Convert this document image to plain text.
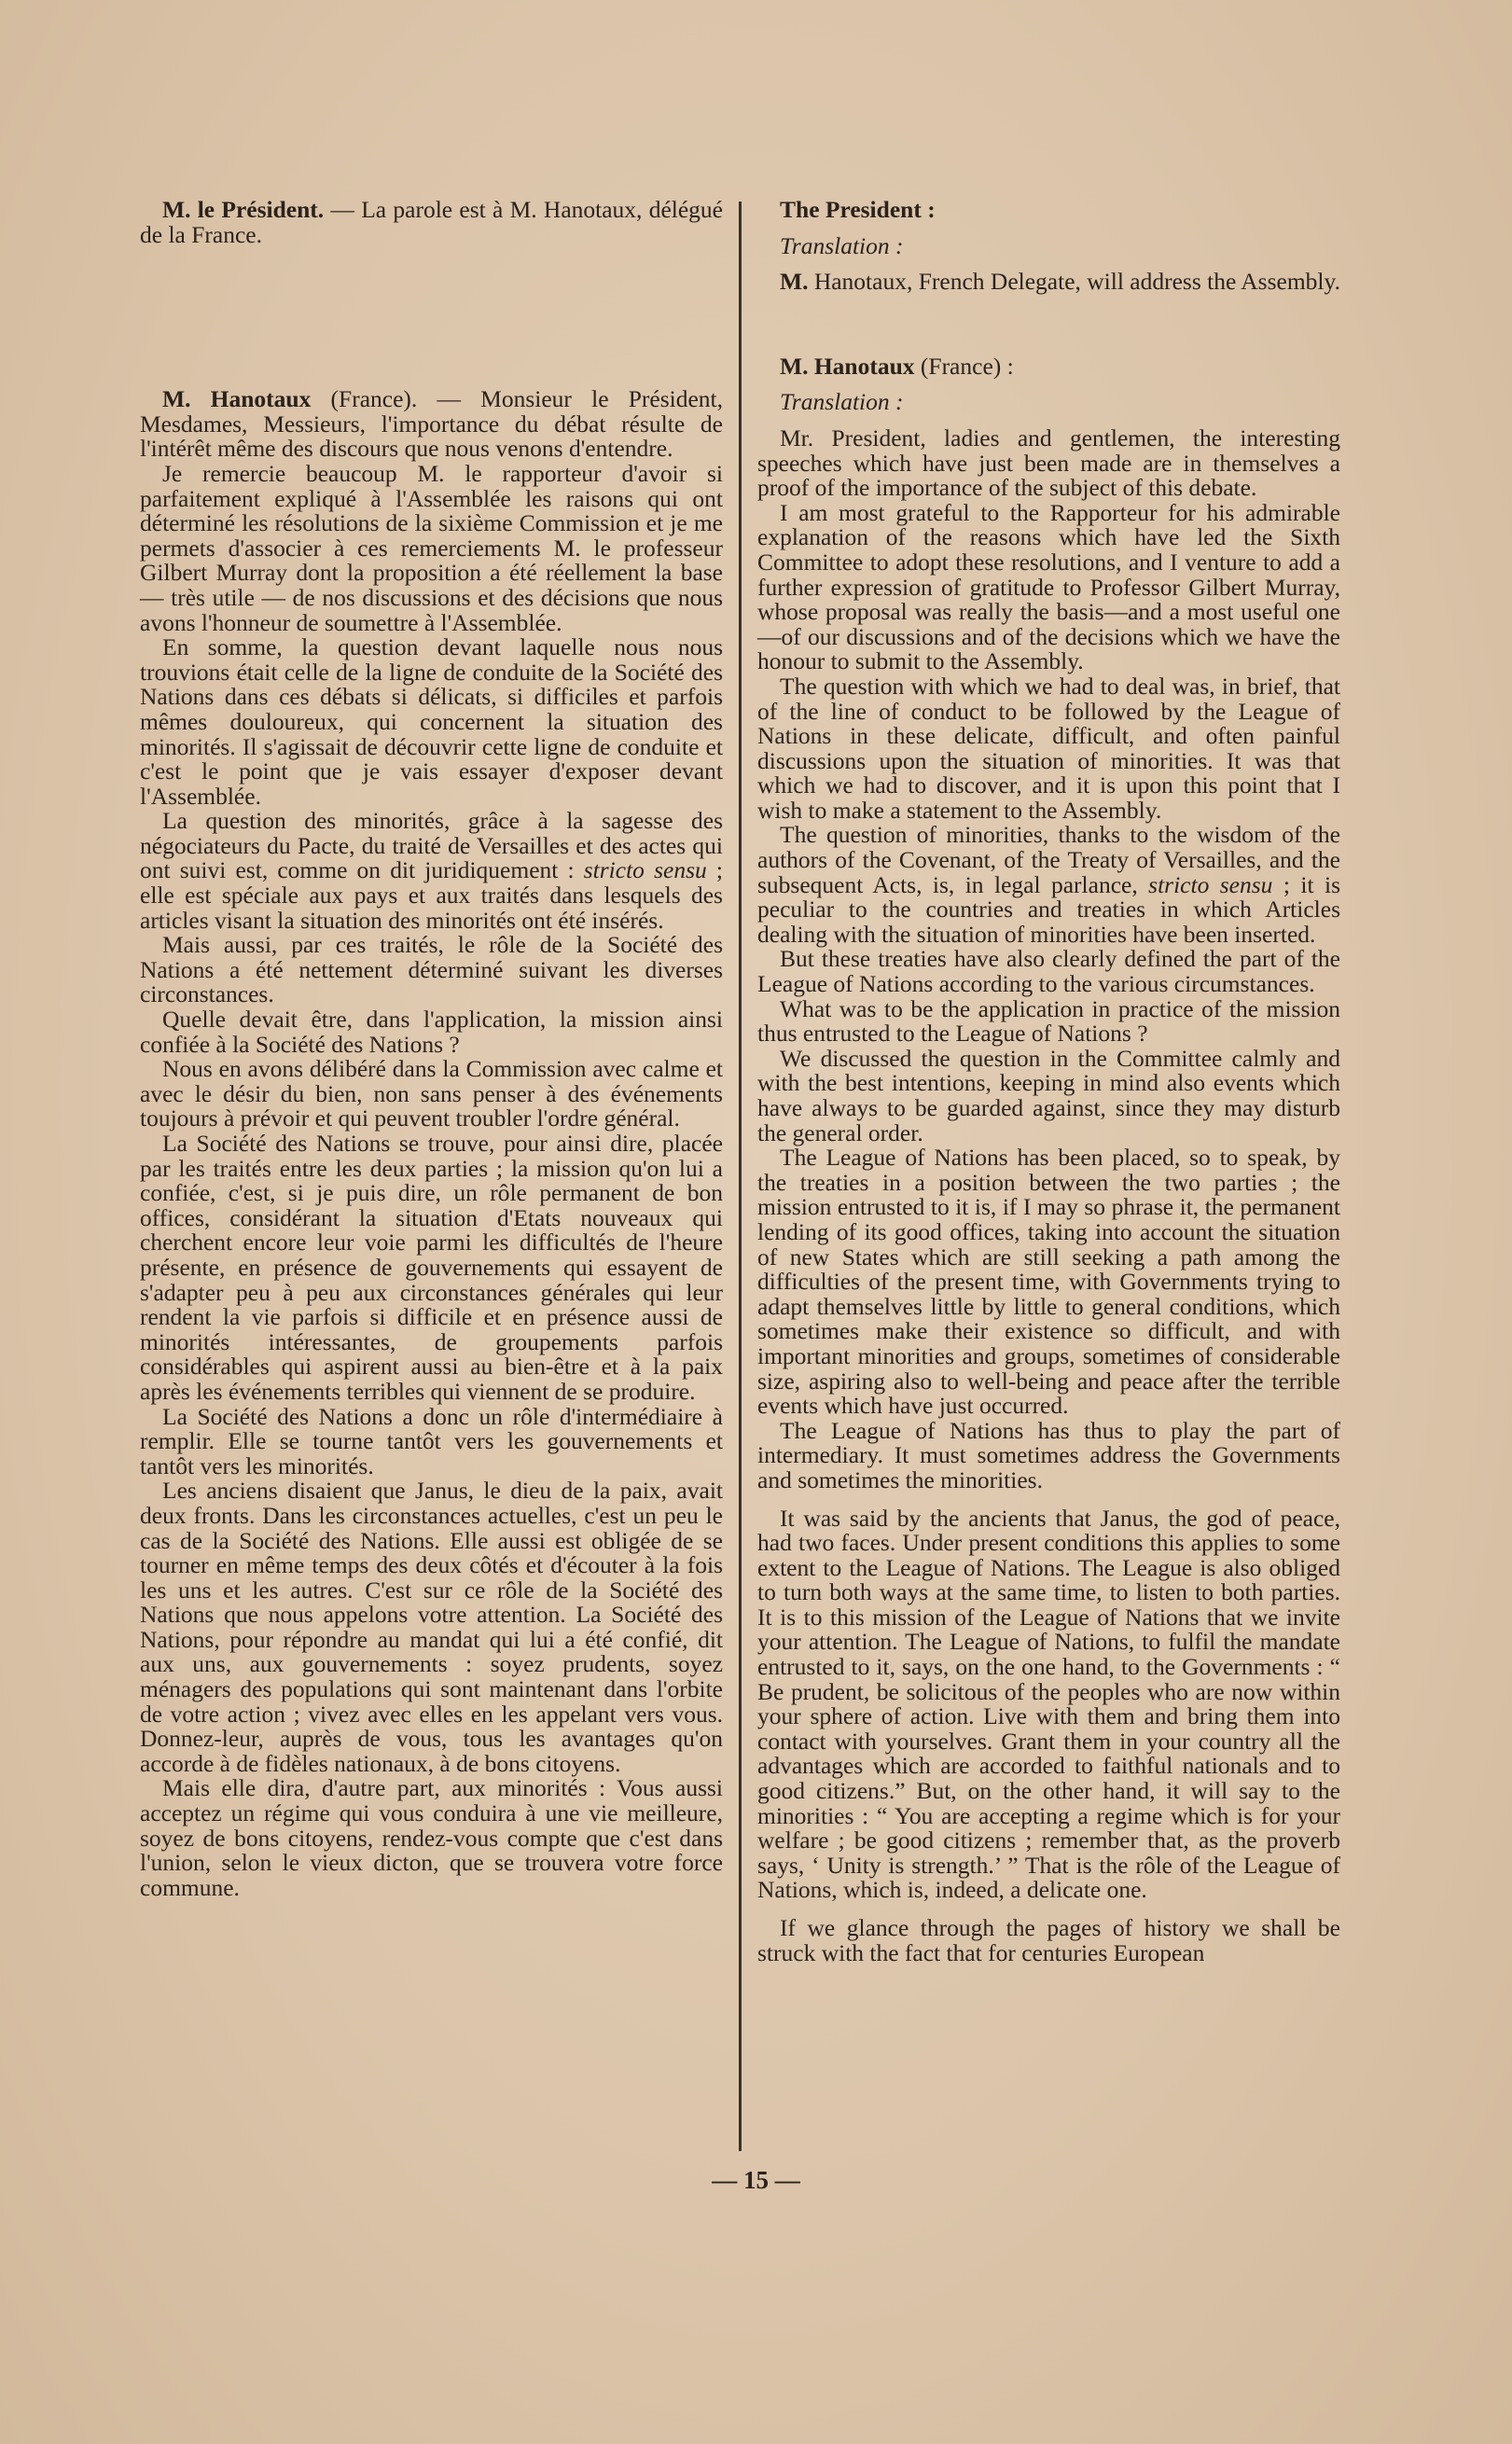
M. le Président. — La parole est à M. Hanotaux, délégué de la France.

M. Hanotaux (France). — Monsieur le Président, Mesdames, Messieurs, l'importance du débat résulte de l'intérêt même des discours que nous venons d'entendre.

Je remercie beaucoup M. le rapporteur d'avoir si parfaitement expliqué à l'Assemblée les raisons qui ont déterminé les résolutions de la sixième Commission et je me permets d'associer à ces remerciements M. le professeur Gilbert Murray dont la proposition a été réellement la base — très utile — de nos discussions et des décisions que nous avons l'honneur de soumettre à l'Assemblée.

En somme, la question devant laquelle nous nous trouvions était celle de la ligne de conduite de la Société des Nations dans ces débats si délicats, si difficiles et parfois mêmes douloureux, qui concernent la situation des minorités. Il s'agissait de découvrir cette ligne de conduite et c'est le point que je vais essayer d'exposer devant l'Assemblée.

La question des minorités, grâce à la sagesse des négociateurs du Pacte, du traité de Versailles et des actes qui ont suivi est, comme on dit juridiquement : stricto sensu ; elle est spéciale aux pays et aux traités dans lesquels des articles visant la situation des minorités ont été insérés.

Mais aussi, par ces traités, le rôle de la Société des Nations a été nettement déterminé suivant les diverses circonstances.

Quelle devait être, dans l'application, la mission ainsi confiée à la Société des Nations ?

Nous en avons délibéré dans la Commission avec calme et avec le désir du bien, non sans penser à des événements toujours à prévoir et qui peuvent troubler l'ordre général.

La Société des Nations se trouve, pour ainsi dire, placée par les traités entre les deux parties ; la mission qu'on lui a confiée, c'est, si je puis dire, un rôle permanent de bon offices, considérant la situation d'Etats nouveaux qui cherchent encore leur voie parmi les difficultés de l'heure présente, en présence de gouvernements qui essayent de s'adapter peu à peu aux circonstances générales qui leur rendent la vie parfois si difficile et en présence aussi de minorités intéressantes, de groupements parfois considérables qui aspirent aussi au bien-être et à la paix après les événements terribles qui viennent de se produire.

La Société des Nations a donc un rôle d'intermédiaire à remplir. Elle se tourne tantôt vers les gouvernements et tantôt vers les minorités.

Les anciens disaient que Janus, le dieu de la paix, avait deux fronts. Dans les circonstances actuelles, c'est un peu le cas de la Société des Nations. Elle aussi est obligée de se tourner en même temps des deux côtés et d'écouter à la fois les uns et les autres. C'est sur ce rôle de la Société des Nations que nous appelons votre attention. La Société des Nations, pour répondre au mandat qui lui a été confié, dit aux uns, aux gouvernements : soyez prudents, soyez ménagers des populations qui sont maintenant dans l'orbite de votre action ; vivez avec elles en les appelant vers vous. Donnez-leur, auprès de vous, tous les avantages qu'on accorde à de fidèles nationaux, à de bons citoyens.

Mais elle dira, d'autre part, aux minorités : Vous aussi acceptez un régime qui vous conduira à une vie meilleure, soyez de bons citoyens, rendez-vous compte que c'est dans l'union, selon le vieux dicton, que se trouvera votre force commune.

The President :

Translation :

M. Hanotaux, French Delegate, will address the Assembly.

M. Hanotaux (France) :

Translation :

Mr. President, ladies and gentlemen, the interesting speeches which have just been made are in themselves a proof of the importance of the subject of this debate.

I am most grateful to the Rapporteur for his admirable explanation of the reasons which have led the Sixth Committee to adopt these resolutions, and I venture to add a further expression of gratitude to Professor Gilbert Murray, whose proposal was really the basis—and a most useful one—of our discussions and of the decisions which we have the honour to submit to the Assembly.

The question with which we had to deal was, in brief, that of the line of conduct to be followed by the League of Nations in these delicate, difficult, and often painful discussions upon the situation of minorities. It was that which we had to discover, and it is upon this point that I wish to make a statement to the Assembly.

The question of minorities, thanks to the wisdom of the authors of the Covenant, of the Treaty of Versailles, and the subsequent Acts, is, in legal parlance, stricto sensu ; it is peculiar to the countries and treaties in which Articles dealing with the situation of minorities have been inserted.

But these treaties have also clearly defined the part of the League of Nations according to the various circumstances.

What was to be the application in practice of the mission thus entrusted to the League of Nations ?

We discussed the question in the Committee calmly and with the best intentions, keeping in mind also events which have always to be guarded against, since they may disturb the general order.

The League of Nations has been placed, so to speak, by the treaties in a position between the two parties ; the mission entrusted to it is, if I may so phrase it, the permanent lending of its good offices, taking into account the situation of new States which are still seeking a path among the difficulties of the present time, with Governments trying to adapt themselves little by little to general conditions, which sometimes make their existence so difficult, and with important minorities and groups, sometimes of considerable size, aspiring also to well-being and peace after the terrible events which have just occurred.

The League of Nations has thus to play the part of intermediary. It must sometimes address the Governments and sometimes the minorities.

It was said by the ancients that Janus, the god of peace, had two faces. Under present conditions this applies to some extent to the League of Nations. The League is also obliged to turn both ways at the same time, to listen to both parties. It is to this mission of the League of Nations that we invite your attention. The League of Nations, to fulfil the mandate entrusted to it, says, on the one hand, to the Governments : “ Be prudent, be solicitous of the peoples who are now within your sphere of action. Live with them and bring them into contact with yourselves. Grant them in your country all the advantages which are accorded to faithful nationals and to good citizens.” But, on the other hand, it will say to the minorities : “ You are accepting a regime which is for your welfare ; be good citizens ; remember that, as the proverb says, ‘ Unity is strength.’ ” That is the rôle of the League of Nations, which is, indeed, a delicate one.

If we glance through the pages of history we shall be struck with the fact that for centuries European

— 15 —
